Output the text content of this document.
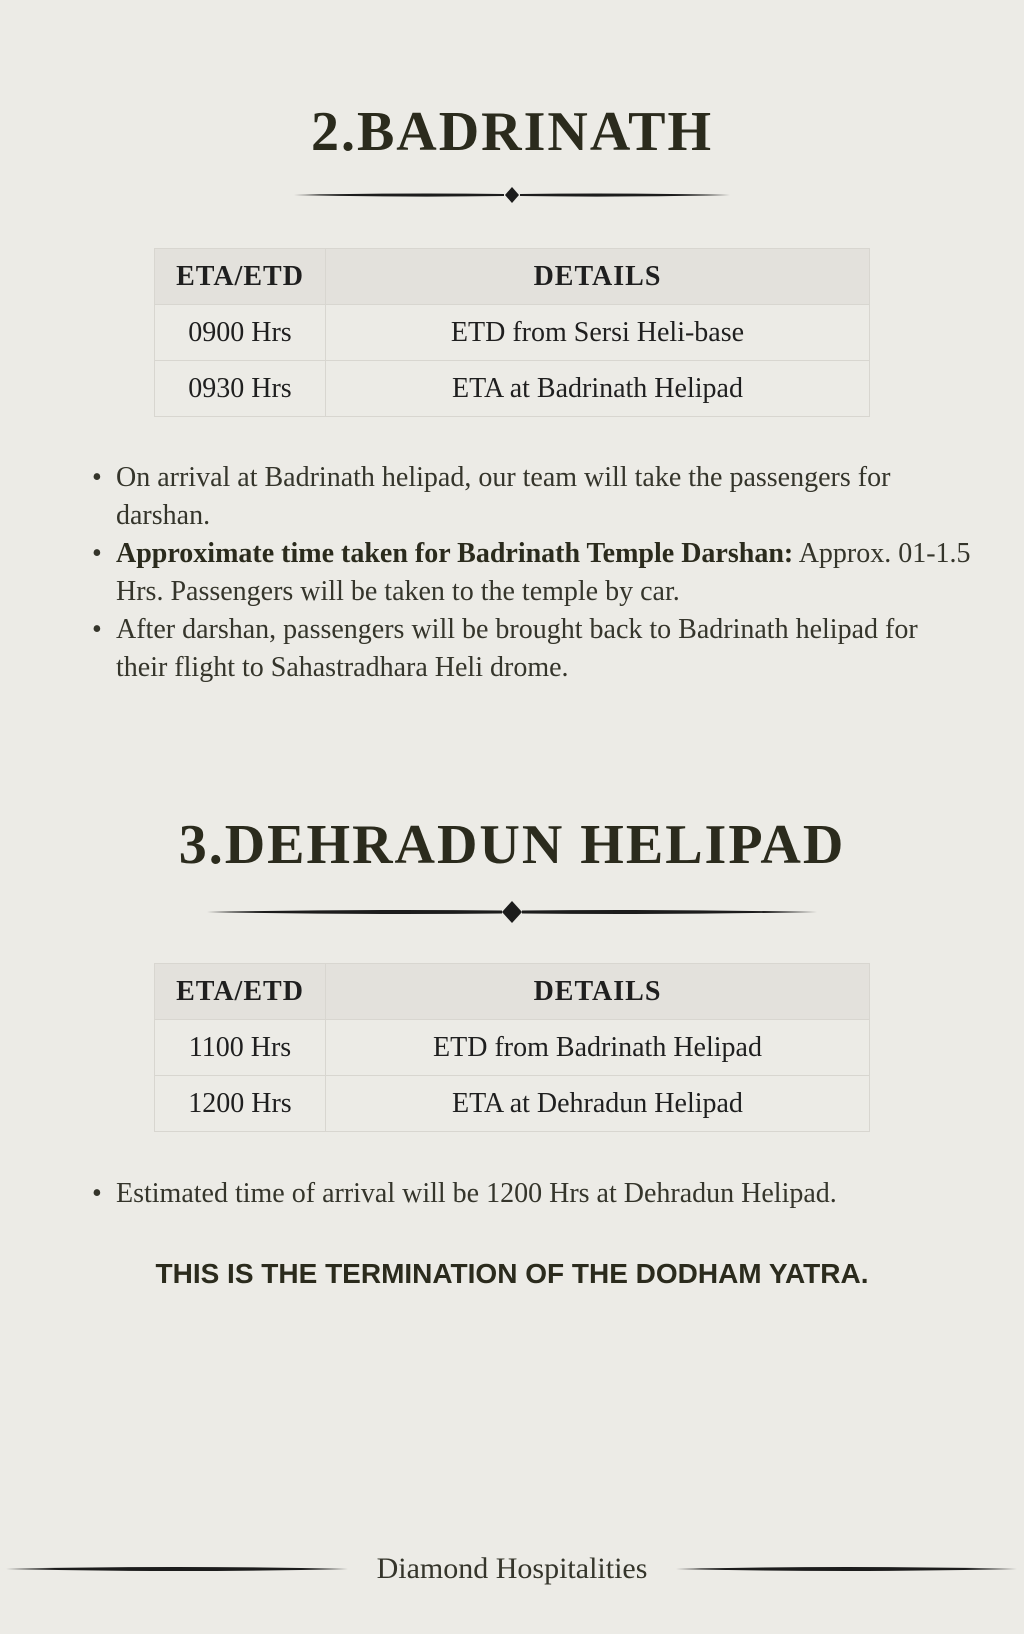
2.BADRINATH
ETA/ETD	DETAILS
0900 Hrs	ETD from Sersi Heli-base
0930 Hrs	ETA at Badrinath Helipad
• On arrival at Badrinath helipad, our team will take the passengers for darshan.
• Approximate time taken for Badrinath Temple Darshan: Approx. 01-1.5 Hrs. Passengers will be taken to the temple by car.
• After darshan, passengers will be brought back to Badrinath helipad for their flight to Sahastradhara Heli drome.
3.DEHRADUN HELIPAD
ETA/ETD	DETAILS
1100 Hrs	ETD from Badrinath Helipad
1200 Hrs	ETA at Dehradun Helipad
• Estimated time of arrival will be 1200 Hrs at Dehradun Helipad.

THIS IS THE TERMINATION OF THE DODHAM YATRA.

Diamond Hospitalities
